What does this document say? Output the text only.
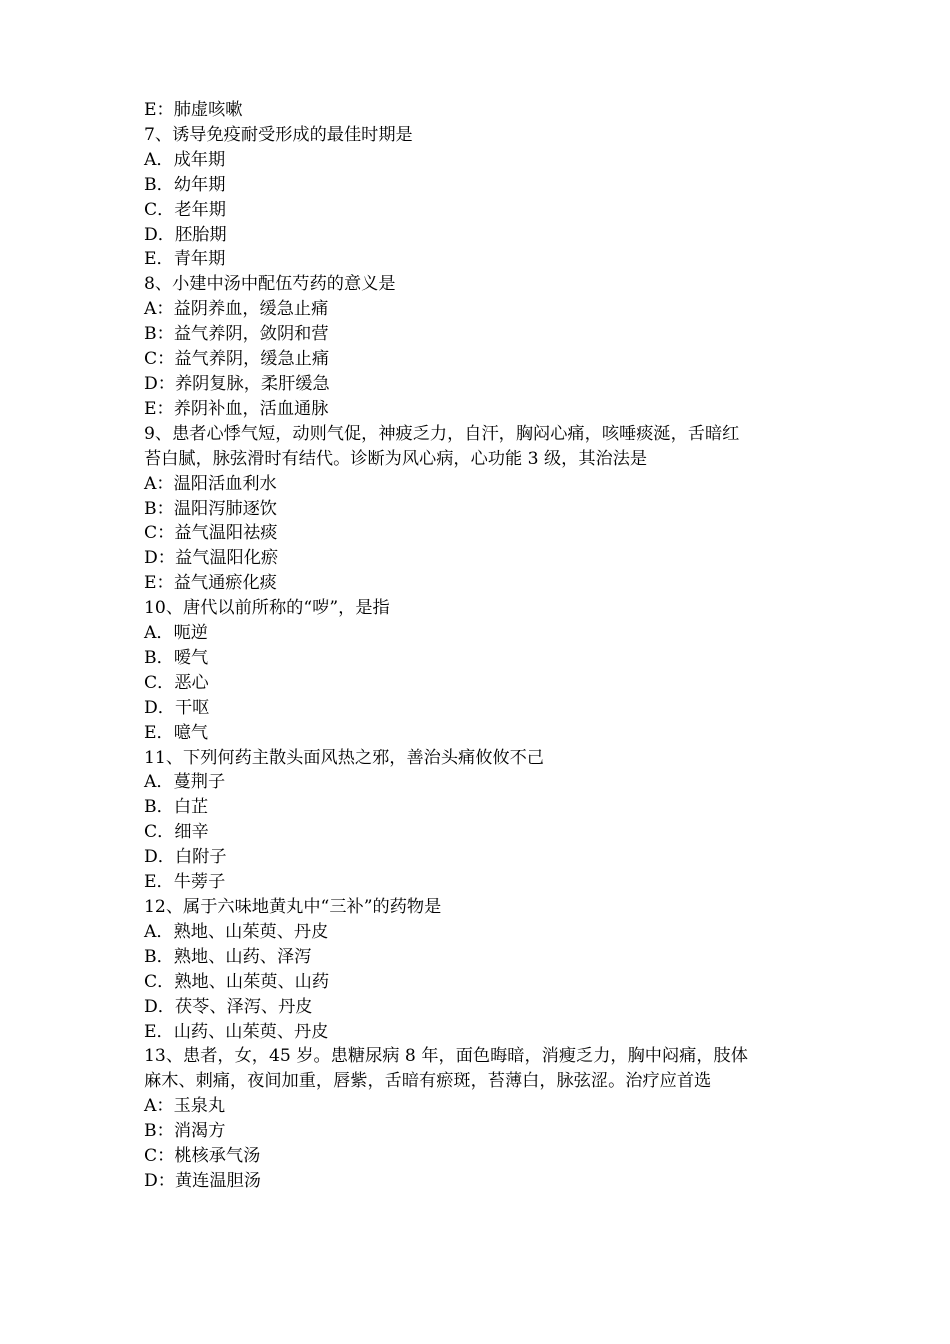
E：肺虚咳嗽
7、诱导免疫耐受形成的最佳时期是
A．成年期
B．幼年期
C．老年期
D．胚胎期
E．青年期
8、小建中汤中配伍芍药的意义是
A：益阴养血，缓急止痛
B：益气养阴，敛阴和营
C：益气养阴，缓急止痛
D：养阴复脉，柔肝缓急
E：养阴补血，活血通脉
9、患者心悸气短，动则气促，神疲乏力，自汗，胸闷心痛，咳唾痰涎，舌暗红
苔白腻，脉弦滑时有结代。诊断为风心病，心功能 3 级，其治法是
A：温阳活血利水
B：温阳泻肺逐饮
C：益气温阳祛痰
D：益气温阳化瘀
E：益气通瘀化痰
10、唐代以前所称的“哕”，是指
A．呃逆
B．嗳气
C．恶心
D．干呕
E．噫气
11、下列何药主散头面风热之邪，善治头痛攸攸不己
A．蔓荆子
B．白芷
C．细辛
D．白附子
E．牛蒡子
12、属于六味地黄丸中“三补”的药物是
A．熟地、山茱萸、丹皮
B．熟地、山药、泽泻
C．熟地、山茱萸、山药
D．茯苓、泽泻、丹皮
E．山药、山茱萸、丹皮
13、患者，女，45 岁。患糖尿病 8 年，面色晦暗，消瘦乏力，胸中闷痛，肢体
麻木、刺痛，夜间加重，唇紫，舌暗有瘀斑，苔薄白，脉弦涩。治疗应首选
A：玉泉丸
B：消渴方
C：桃核承气汤
D：黄连温胆汤
